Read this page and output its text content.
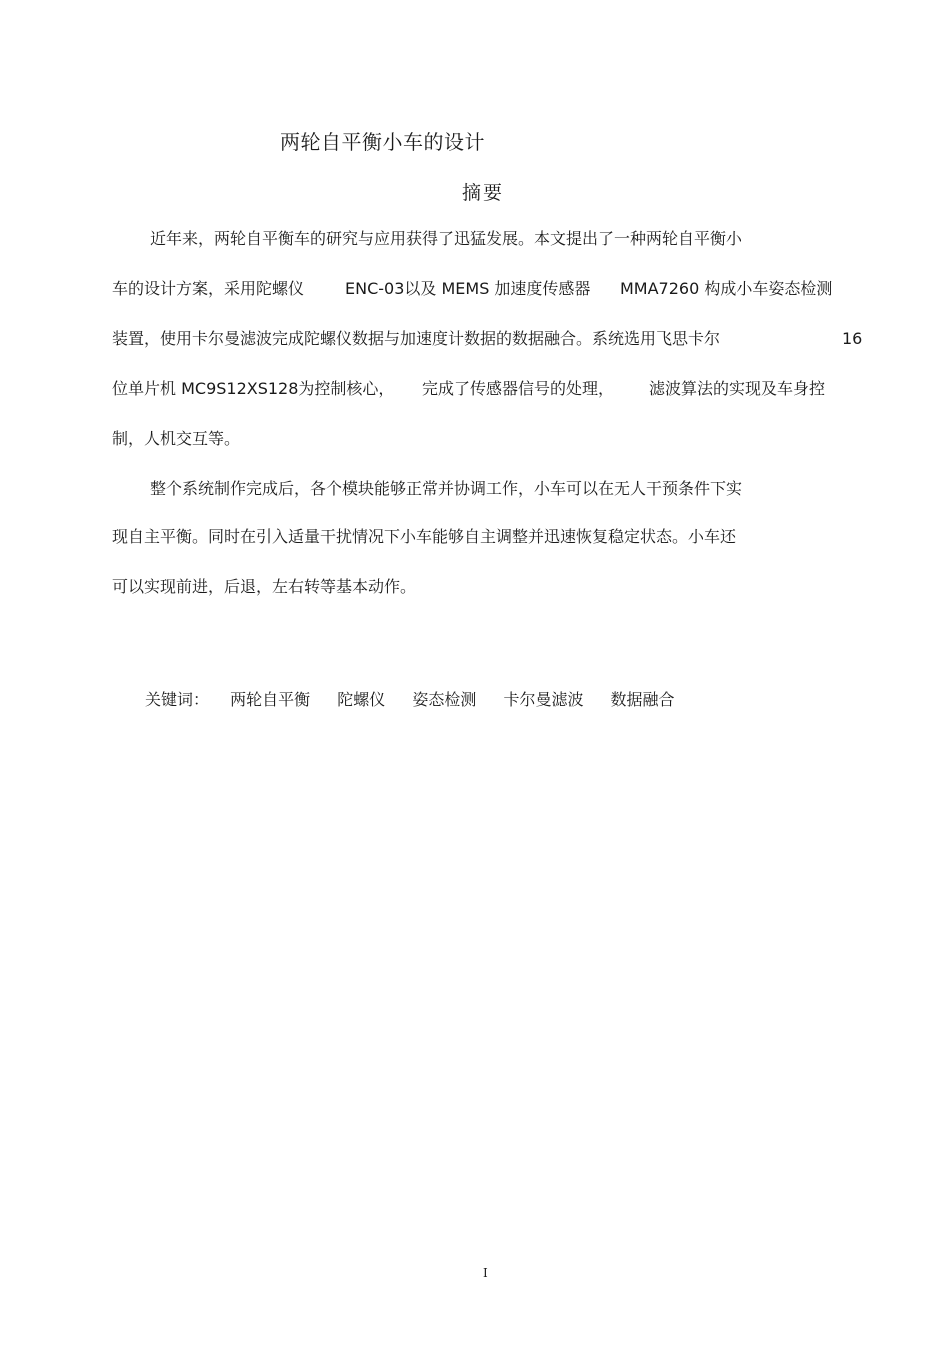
两轮自平衡小车的设计
摘要
近年来，两轮自平衡车的研究与应用获得了迅猛发展。本文提出了一种两轮自平衡小
车的设计方案，采用陀螺仪	ENC-03以及 MEMS 加速度传感器 MMA7260 构成小车姿态检测
装置，使用卡尔曼滤波完成陀螺仪数据与加速度计数据的数据融合。系统选用飞思卡尔	16
位单片机 MC9S12XS128为控制核心， 完成了传感器信号的处理， 滤波算法的实现及车身控
制，人机交互等。
整个系统制作完成后，各个模块能够正常并协调工作，小车可以在无人干预条件下实
现自主平衡。同时在引入适量干扰情况下小车能够自主调整并迅速恢复稳定状态。小车还
可以实现前进，后退，左右转等基本动作。
关键词： 两轮自平衡 陀螺仪 姿态检测 卡尔曼滤波 数据融合
I
